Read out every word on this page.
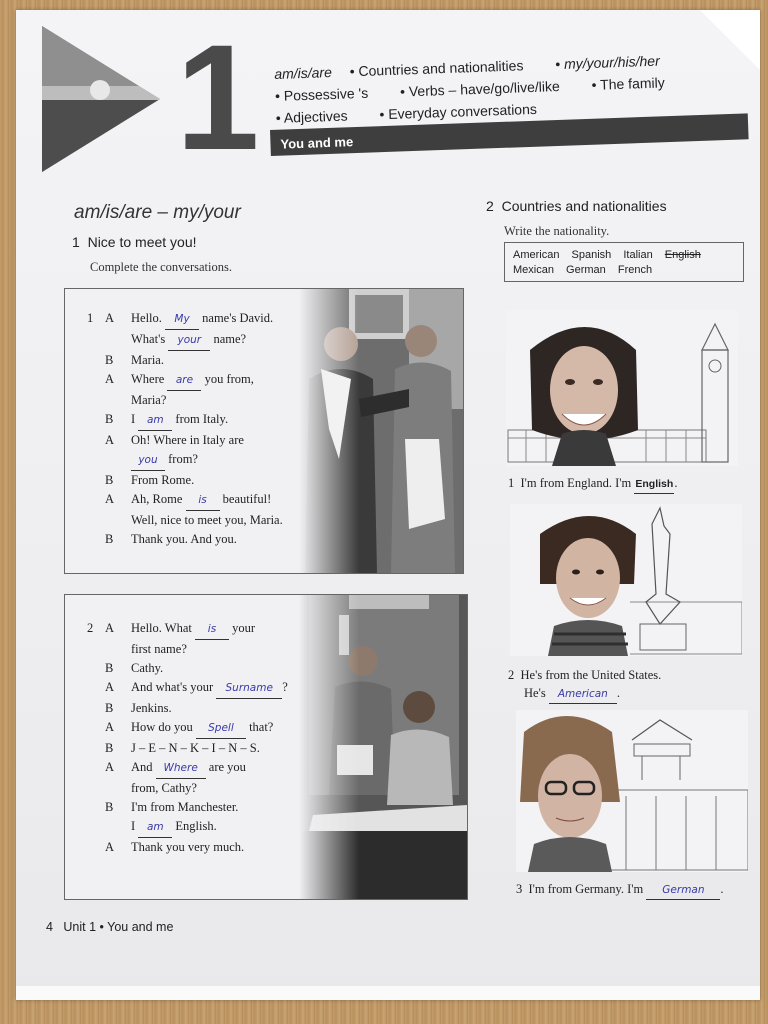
1 am/is/are • Countries and nationalities • my/your/his/her
• Possessive 's • Verbs – have/go/live/like • The family
• Adjectives • Everyday conversations
You and me
am/is/are – my/your
1 Nice to meet you!
Complete the conversations.
1 A Hello. My name's David.
What's your name?
B Maria.
A Where are you from,
Maria?
B I am from Italy.
A Oh! Where in Italy are
you from?
B From Rome.
A Ah, Rome is beautiful!
Well, nice to meet you, Maria.
B Thank you. And you.
2 A Hello. What is your
first name?
B Cathy.
A And what's your Surname ?
B Jenkins.
A How do you Spell that?
B J – E – N – K – I – N – S.
A And Where are you
from, Cathy?
B I'm from Manchester.
I am English.
A Thank you very much.
2 Countries and nationalities
Write the nationality.
American Spanish Italian English
Mexican German French
1 I'm from England. I'm English.
2 He's from the United States.
He's American .
3 I'm from Germany. I'm German .
4 Unit 1 • You and me
